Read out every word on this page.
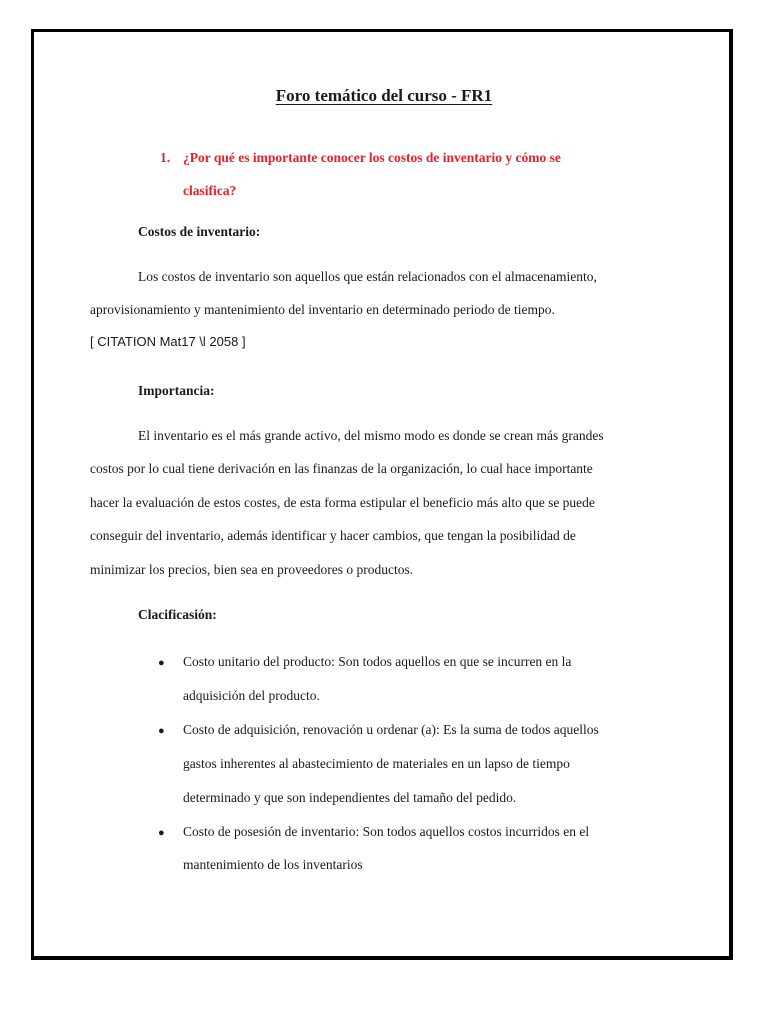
Foro temático del curso - FR1
1. ¿Por qué es importante conocer los costos de inventario y cómo se
clasifica?
Costos de inventario:

Los costos de inventario son aquellos que están relacionados con el almacenamiento,

aprovisionamiento y mantenimiento del inventario en determinado periodo de tiempo.

[ CITATION Mat17 \l 2058 ]
Importancia:

El inventario es el más grande activo, del mismo modo es donde se crean más grandes

costos por lo cual tiene derivación en las finanzas de la organización, lo cual hace importante

hacer la evaluación de estos costes, de esta forma estipular el beneficio más alto que se puede

conseguir del inventario, además identificar y hacer cambios, que tengan la posibilidad de

minimizar los precios, bien sea en proveedores o productos.

Clacificasión:
● Costo unitario del producto: Son todos aquellos en que se incurren en la
adquisición del producto.
● Costo de adquisición, renovación u ordenar (a): Es la suma de todos aquellos
gastos inherentes al abastecimiento de materiales en un lapso de tiempo
determinado y que son independientes del tamaño del pedido.
● Costo de posesión de inventario: Son todos aquellos costos incurridos en el
mantenimiento de los inventarios
